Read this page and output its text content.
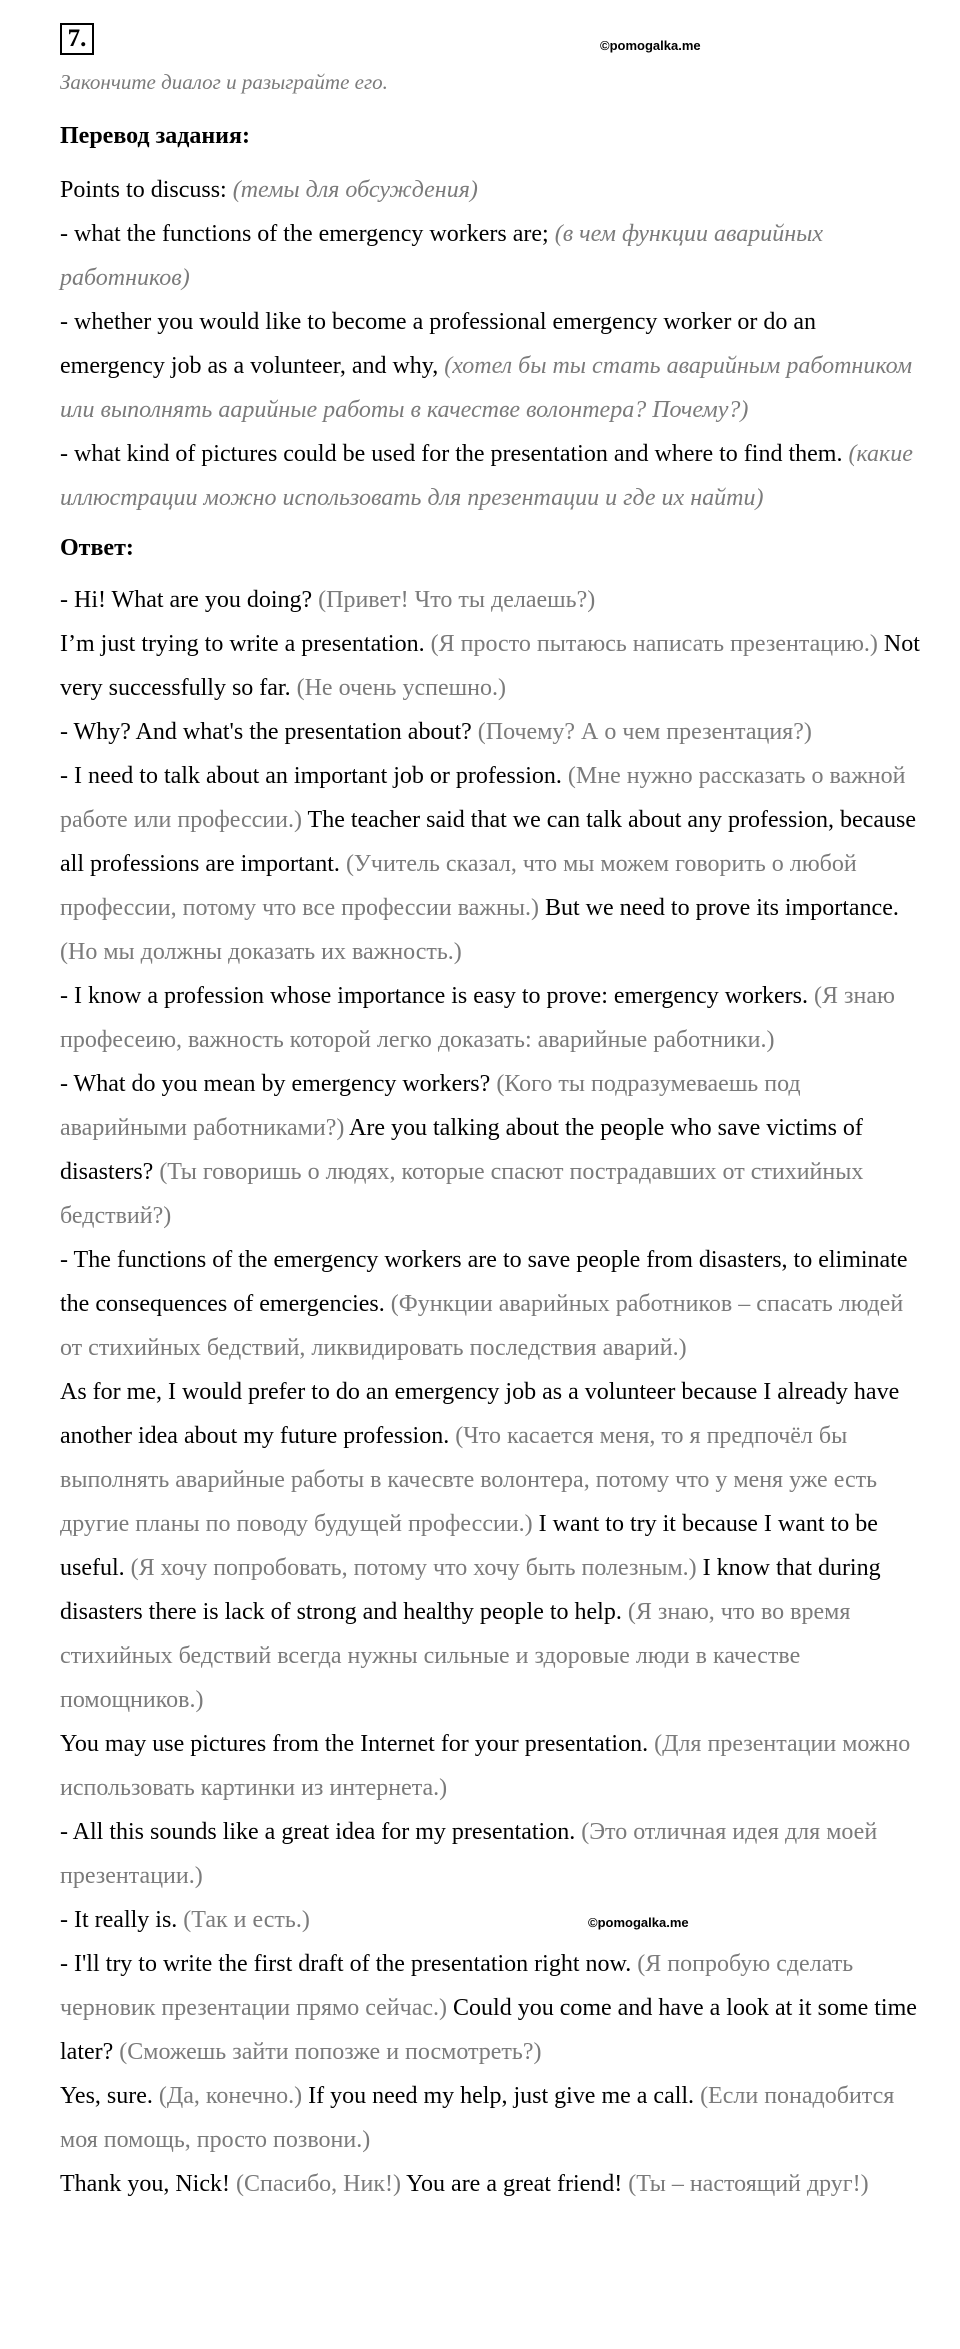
7.	©pomogalka.me
Закончите диалог и разыграйте его.
Перевод задания:

Points to discuss: (темы для обсуждения)

- what the functions of the emergency workers are; (в чем функции аварийных работников)

- whether you would like to become a professional emergency worker or do an emergency job as a volunteer, and why, (хотел бы ты стать аварийным работником или выполнять аарийные работы в качестве волонтера? Почему?)

- what kind of pictures could be used for the presentation and where to find them. (какие иллюстрации можно использовать для презентации и где их найти)

Ответ:

- Hi! What are you doing? (Привет! Что ты делаешь?)

I’m just trying to write a presentation. (Я просто пытаюсь написать презентацию.) Not very successfully so far. (Не очень успешно.)

- Why? And what's the presentation about? (Почему? А о чем презентация?)

- I need to talk about an important job or profession. (Мне нужно рассказать о важной работе или профессии.) The teacher said that we can talk about any profession, because all professions are important. (Учитель сказал, что мы можем говорить о любой профессии, потому что все профессии важны.) But we need to prove its importance. (Но мы должны доказать их важность.)

- I know a profession whose importance is easy to prove: emergency workers. (Я знаю професеию, важность которой легко доказать: аварийные работники.)

- What do you mean by emergency workers? (Кого ты подразумеваешь под аварийными работниками?) Are you talking about the people who save victims of disasters? (Ты говоришь о людях, которые спасют пострадавших от стихийных бедствий?)

- The functions of the emergency workers are to save people from disasters, to eliminate the consequences of emergencies. (Функции аварийных работников – спасать людей от стихийных бедствий, ликвидировать последствия аварий.)

As for me, I would prefer to do an emergency job as a volunteer because I already have another idea about my future profession. (Что касается меня, то я предпочёл бы выполнять аварийные работы в качесвте волонтера, потому что у меня уже есть другие планы по поводу будущей профессии.) I want to try it because I want to be useful. (Я хочу попробовать, потому что хочу быть полезным.) I know that during disasters there is lack of strong and healthy people to help. (Я знаю, что во время стихийных бедствий всегда нужны сильные и здоровые люди в качестве помощников.)

You may use pictures from the Internet for your presentation. (Для презентации можно использовать картинки из интернета.)

- All this sounds like a great idea for my presentation. (Это отличная идея для моей презентации.)

- It really is. (Так и есть.)

- I'll try to write the first draft of the presentation right now. (Я попробую сделать черновик презентации прямо сейчас.) Could you come and have a look at it some time later? (Сможешь зайти попозже и посмотреть?)

Yes, sure. (Да, конечно.) If you need my help, just give me a call. (Если понадобится моя помощь, просто позвони.)

Thank you, Nick! (Спасибо, Ник!) You are a great friend! (Ты – настоящий друг!)

©pomogalka.me
